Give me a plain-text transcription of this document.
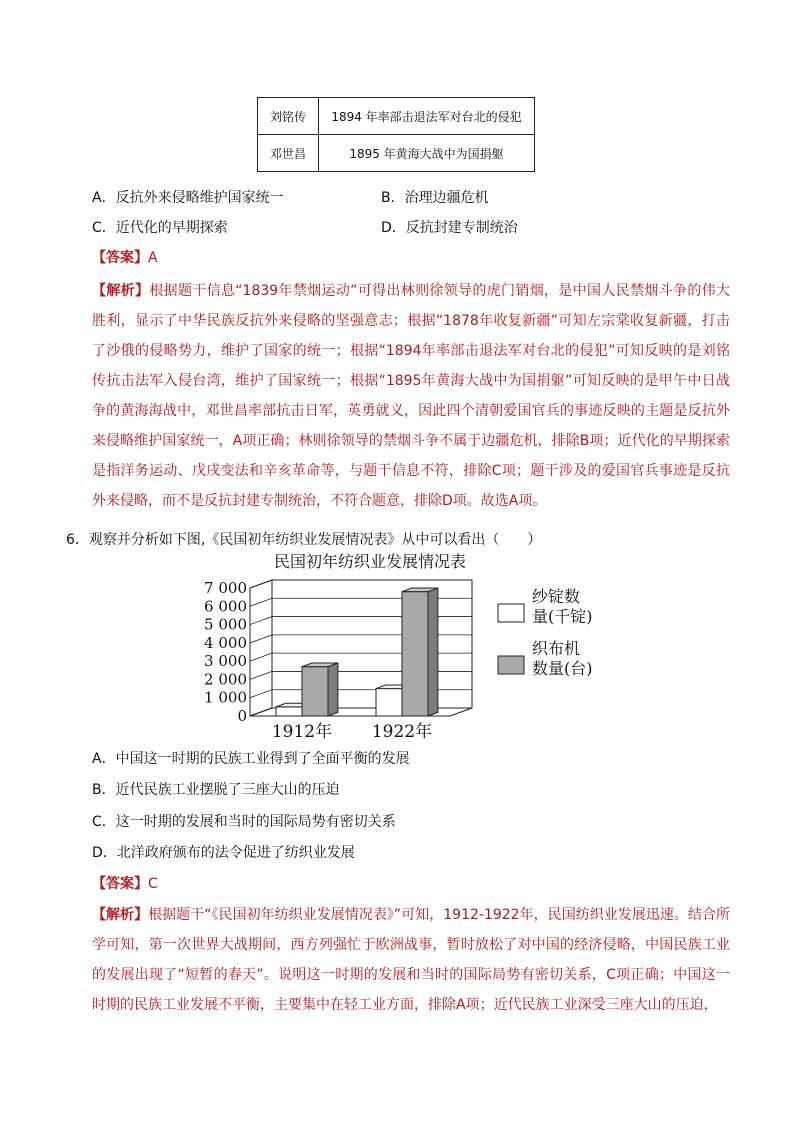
刘铭传	1894 年率部击退法军对台北的侵犯
邓世昌	1895 年黄海大战中为国捐躯
A．反抗外来侵略维护国家统一	B．治理边疆危机
C．近代化的早期探索	D．反抗封建专制统治
【答案】A
【解析】根据题干信息“1839年禁烟运动”可得出林则徐领导的虎门销烟，是中国人民禁烟斗争的伟大胜利，显示了中华民族反抗外来侵略的坚强意志；根据“1878年收复新疆”可知左宗棠收复新疆，打击了沙俄的侵略势力，维护了国家的统一；根据“1894年率部击退法军对台北的侵犯”可知反映的是刘铭传抗击法军入侵台湾，维护了国家统一；根据“1895年黄海大战中为国捐躯”可知反映的是甲午中日战争的黄海海战中，邓世昌率部抗击日军，英勇就义，因此四个清朝爱国官兵的事迹反映的主题是反抗外来侵略维护国家统一，A项正确；林则徐领导的禁烟斗争不属于边疆危机，排除B项；近代化的早期探索是指洋务运动、戊戌变法和辛亥革命等，与题干信息不符，排除C项；题干涉及的爱国官兵事迹是反抗外来侵略，而不是反抗封建专制统治，不符合题意，排除D项。故选A项。
6．观察并分析如下图,《民国初年纺织业发展情况表》从中可以看出（　　）
民国初年纺织业发展情况表
0
1 000
2 000
3 000
4 000
5 000
6 000
7 000
1912年 1922年
纱锭数
量(千锭)
织布机
数量(台)
A．中国这一时期的民族工业得到了全面平衡的发展
B．近代民族工业摆脱了三座大山的压迫
C．这一时期的发展和当时的国际局势有密切关系
D．北洋政府颁布的法令促进了纺织业发展
【答案】C
【解析】根据题干“《民国初年纺织业发展情况表》”可知，1912-1922年，民国纺织业发展迅速。结合所学可知，第一次世界大战期间，西方列强忙于欧洲战事，暂时放松了对中国的经济侵略，中国民族工业的发展出现了“短暂的春天”。说明这一时期的发展和当时的国际局势有密切关系，C项正确；中国这一时期的民族工业发展不平衡，主要集中在轻工业方面，排除A项；近代民族工业深受三座大山的压迫，
